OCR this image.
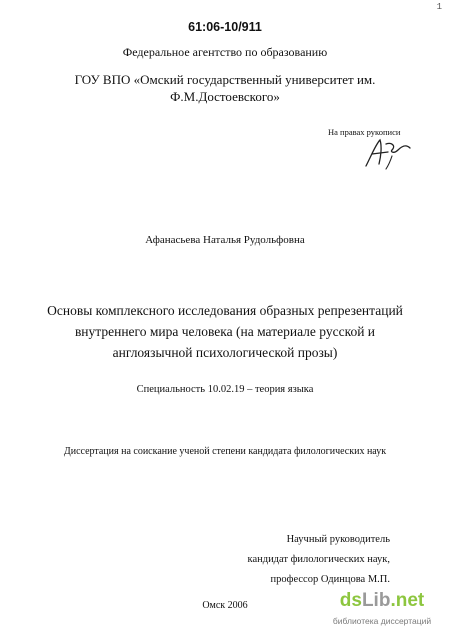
61:06-10/911
1
Федеральное агентство по образованию
ГОУ ВПО «Омский государственный университет им.
Ф.М.Достоевского»
На правах рукописи
Афанасьева Наталья Рудольфовна
Основы комплексного исследования образных репрезентаций
внутреннего мира человека (на материале русской и
англоязычной психологической прозы)
Специальность 10.02.19 – теория языка
Диссертация на соискание ученой степени кандидата филологических наук
Научный руководитель
кандидат филологических наук,
профессор Одинцова М.П.
Омск 2006	dsLib.net
библиотека диссертаций
